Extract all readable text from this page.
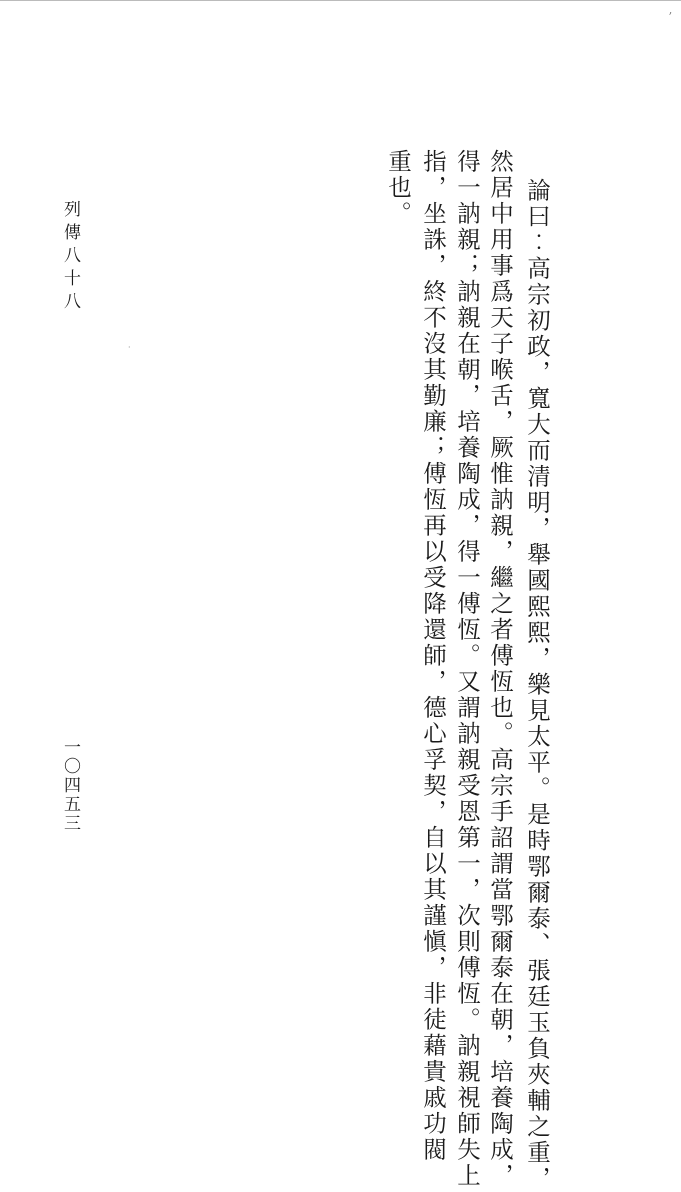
ʼ
·
列傳八十八
一〇四五三	論曰︰高宗初政，寬大而清明，舉國熙熙，樂見太平。是時鄂爾泰、張廷玉負夾輔之重，
然居中用事爲天子喉舌，厥惟訥親，繼之者傅恆也。高宗手詔謂當鄂爾泰在朝，培養陶成，
得一訥親；訥親在朝，培養陶成，得一傅恆。又謂訥親受恩第一，次則傅恆。訥親視師失上
指，坐誅，終不沒其勤廉；傅恆再以受降還師，德心孚契，自以其謹愼，非徒藉貴戚功閥
重也。
